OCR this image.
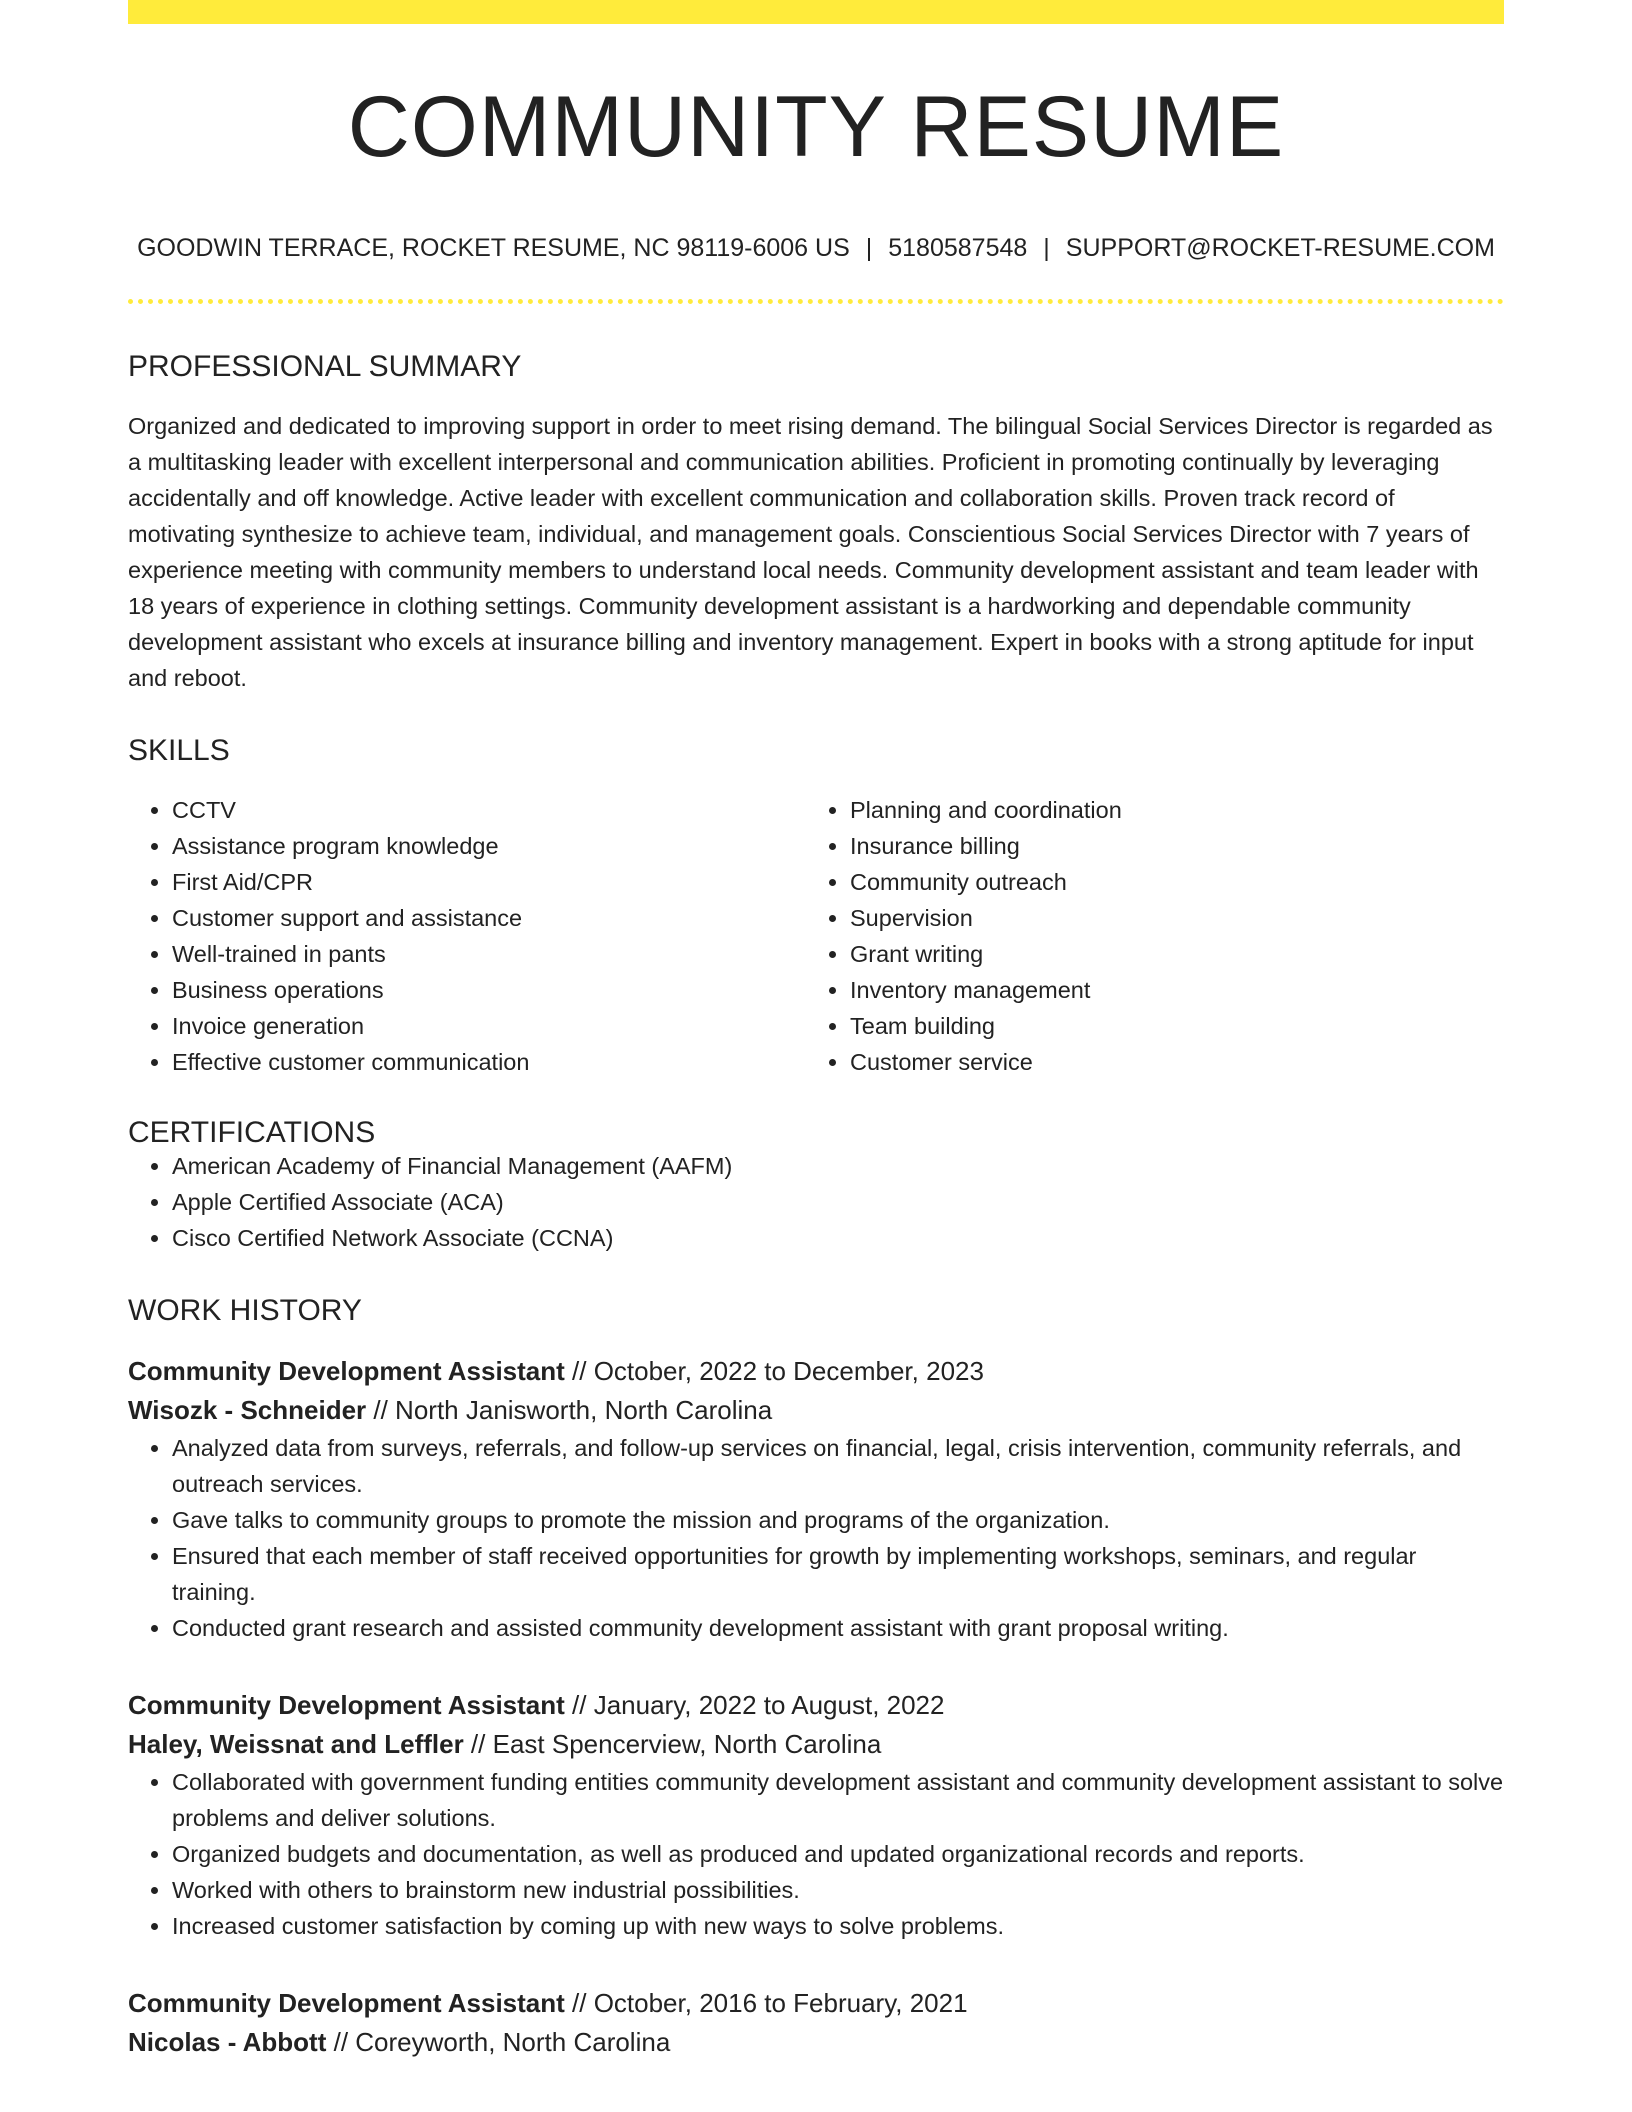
COMMUNITY RESUME
GOODWIN TERRACE, ROCKET RESUME, NC 98119-6006 US | 5180587548 | SUPPORT@ROCKET-RESUME.COM
PROFESSIONAL SUMMARY

Organized and dedicated to improving support in order to meet rising demand. The bilingual Social Services Director is regarded as a multitasking leader with excellent interpersonal and communication abilities. Proficient in promoting continually by leveraging accidentally and off knowledge. Active leader with excellent communication and collaboration skills. Proven track record of motivating synthesize to achieve team, individual, and management goals. Conscientious Social Services Director with 7 years of experience meeting with community members to understand local needs. Community development assistant and team leader with 18 years of experience in clothing settings. Community development assistant is a hardworking and dependable community development assistant who excels at insurance billing and inventory management. Expert in books with a strong aptitude for input and reboot.

SKILLS
• CCTV
• Assistance program knowledge
• First Aid/CPR
• Customer support and assistance
• Well-trained in pants
• Business operations
• Invoice generation
• Effective customer communication
• Planning and coordination
• Insurance billing
• Community outreach
• Supervision
• Grant writing
• Inventory management
• Team building
• Customer service
CERTIFICATIONS
• American Academy of Financial Management (AAFM)
• Apple Certified Associate (ACA)
• Cisco Certified Network Associate (CCNA)
WORK HISTORY
Community Development Assistant // October, 2022 to December, 2023
Wisozk - Schneider // North Janisworth, North Carolina
• Analyzed data from surveys, referrals, and follow-up services on financial, legal, crisis intervention, community referrals, and outreach services.
• Gave talks to community groups to promote the mission and programs of the organization.
• Ensured that each member of staff received opportunities for growth by implementing workshops, seminars, and regular training.
• Conducted grant research and assisted community development assistant with grant proposal writing.
Community Development Assistant // January, 2022 to August, 2022
Haley, Weissnat and Leffler // East Spencerview, North Carolina
• Collaborated with government funding entities community development assistant and community development assistant to solve problems and deliver solutions.
• Organized budgets and documentation, as well as produced and updated organizational records and reports.
• Worked with others to brainstorm new industrial possibilities.
• Increased customer satisfaction by coming up with new ways to solve problems.
Community Development Assistant // October, 2016 to February, 2021
Nicolas - Abbott // Coreyworth, North Carolina
